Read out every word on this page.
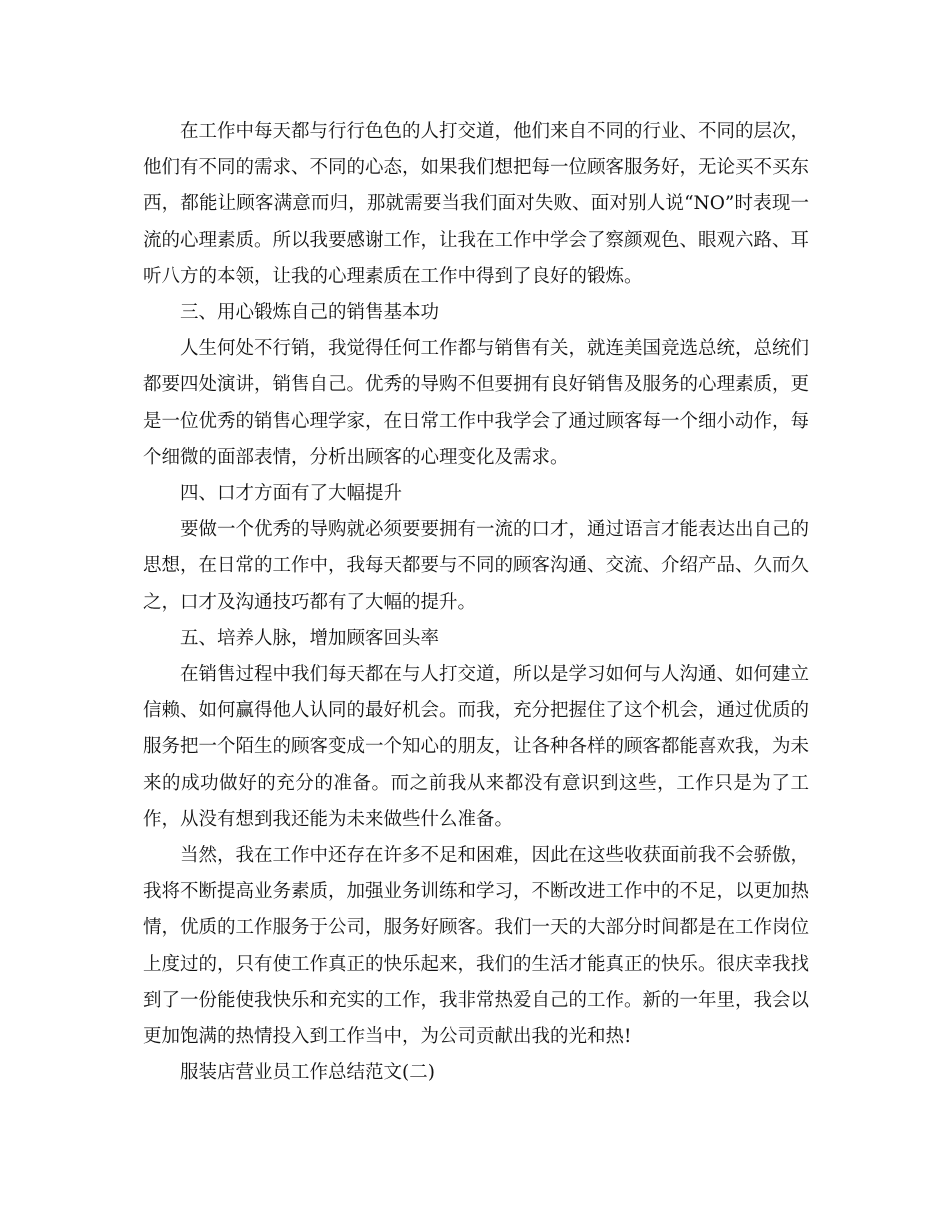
在工作中每天都与行行色色的人打交道，他们来自不同的行业、不同的层次，他们有不同的需求、不同的心态，如果我们想把每一位顾客服务好，无论买不买东西，都能让顾客满意而归，那就需要当我们面对失败、面对别人说“NO”时表现一流的心理素质。所以我要感谢工作，让我在工作中学会了察颜观色、眼观六路、耳听八方的本领，让我的心理素质在工作中得到了良好的锻炼。

三、用心锻炼自己的销售基本功

人生何处不行销，我觉得任何工作都与销售有关，就连美国竞选总统，总统们都要四处演讲，销售自己。优秀的导购不但要拥有良好销售及服务的心理素质，更是一位优秀的销售心理学家，在日常工作中我学会了通过顾客每一个细小动作，每个细微的面部表情，分析出顾客的心理变化及需求。

四、口才方面有了大幅提升

要做一个优秀的导购就必须要要拥有一流的口才，通过语言才能表达出自己的思想，在日常的工作中，我每天都要与不同的顾客沟通、交流、介绍产品、久而久之，口才及沟通技巧都有了大幅的提升。

五、培养人脉，增加顾客回头率

在销售过程中我们每天都在与人打交道，所以是学习如何与人沟通、如何建立信赖、如何赢得他人认同的最好机会。而我，充分把握住了这个机会，通过优质的服务把一个陌生的顾客变成一个知心的朋友，让各种各样的顾客都能喜欢我，为未来的成功做好的充分的准备。而之前我从来都没有意识到这些，工作只是为了工作，从没有想到我还能为未来做些什么准备。

当然，我在工作中还存在许多不足和困难，因此在这些收获面前我不会骄傲，我将不断提高业务素质，加强业务训练和学习，不断改进工作中的不足，以更加热情，优质的工作服务于公司，服务好顾客。我们一天的大部分时间都是在工作岗位上度过的，只有使工作真正的快乐起来，我们的生活才能真正的快乐。很庆幸我找到了一份能使我快乐和充实的工作，我非常热爱自己的工作。新的一年里，我会以更加饱满的热情投入到工作当中，为公司贡献出我的光和热!

服装店营业员工作总结范文(二)
